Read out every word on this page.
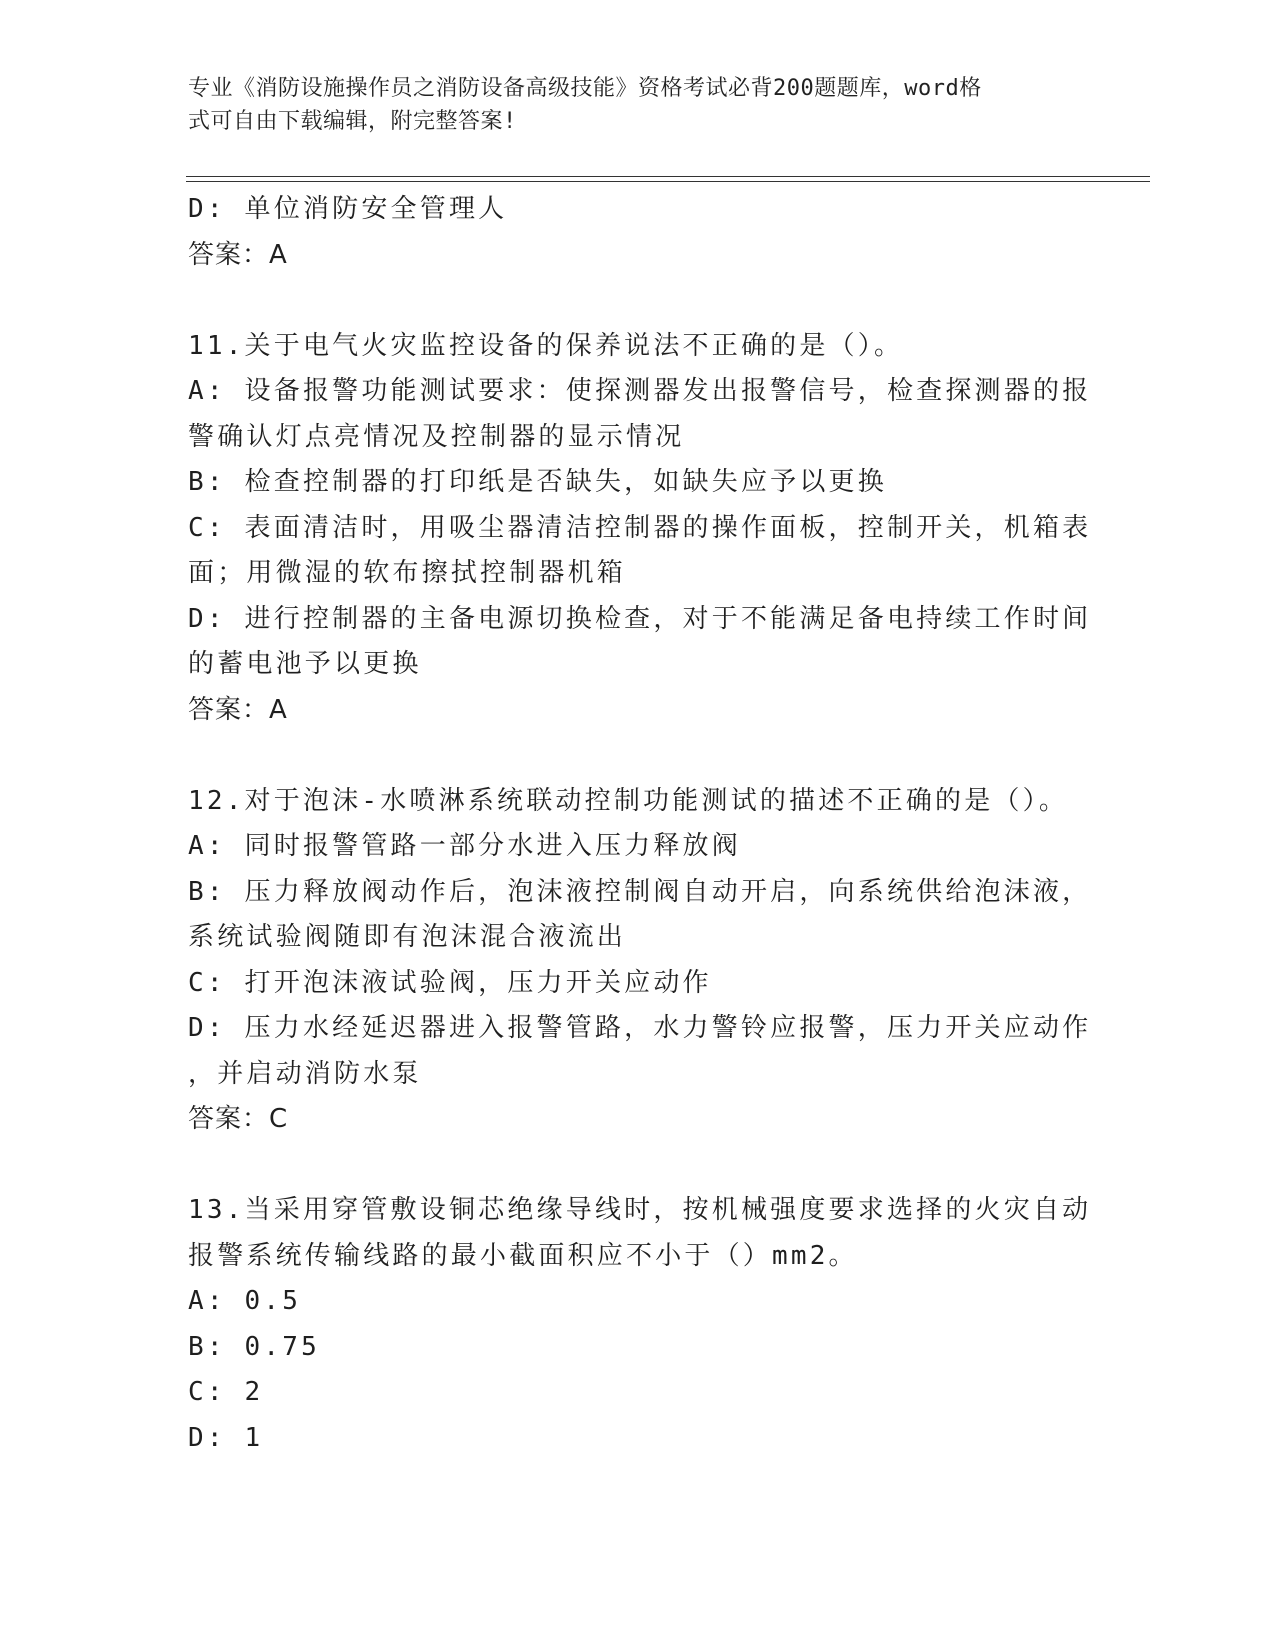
专业《消防设施操作员之消防设备高级技能》资格考试必背200题题库，word格
式可自由下载编辑，附完整答案!
D: 单位消防安全管理人
答案：A
11.关于电气火灾监控设备的保养说法不正确的是（）。
A: 设备报警功能测试要求：使探测器发出报警信号，检查探测器的报
警确认灯点亮情况及控制器的显示情况
B: 检查控制器的打印纸是否缺失，如缺失应予以更换
C: 表面清洁时，用吸尘器清洁控制器的操作面板，控制开关，机箱表
面；用微湿的软布擦拭控制器机箱
D: 进行控制器的主备电源切换检查，对于不能满足备电持续工作时间
的蓄电池予以更换
答案：A
12.对于泡沫-水喷淋系统联动控制功能测试的描述不正确的是（）。
A: 同时报警管路一部分水进入压力释放阀
B: 压力释放阀动作后，泡沫液控制阀自动开启，向系统供给泡沫液，
系统试验阀随即有泡沫混合液流出
C: 打开泡沫液试验阀，压力开关应动作
D: 压力水经延迟器进入报警管路，水力警铃应报警，压力开关应动作
，并启动消防水泵
答案：C
13.当采用穿管敷设铜芯绝缘导线时，按机械强度要求选择的火灾自动
报警系统传输线路的最小截面积应不小于（）mm2。
A: 0.5
B: 0.75
C: 2
D: 1
